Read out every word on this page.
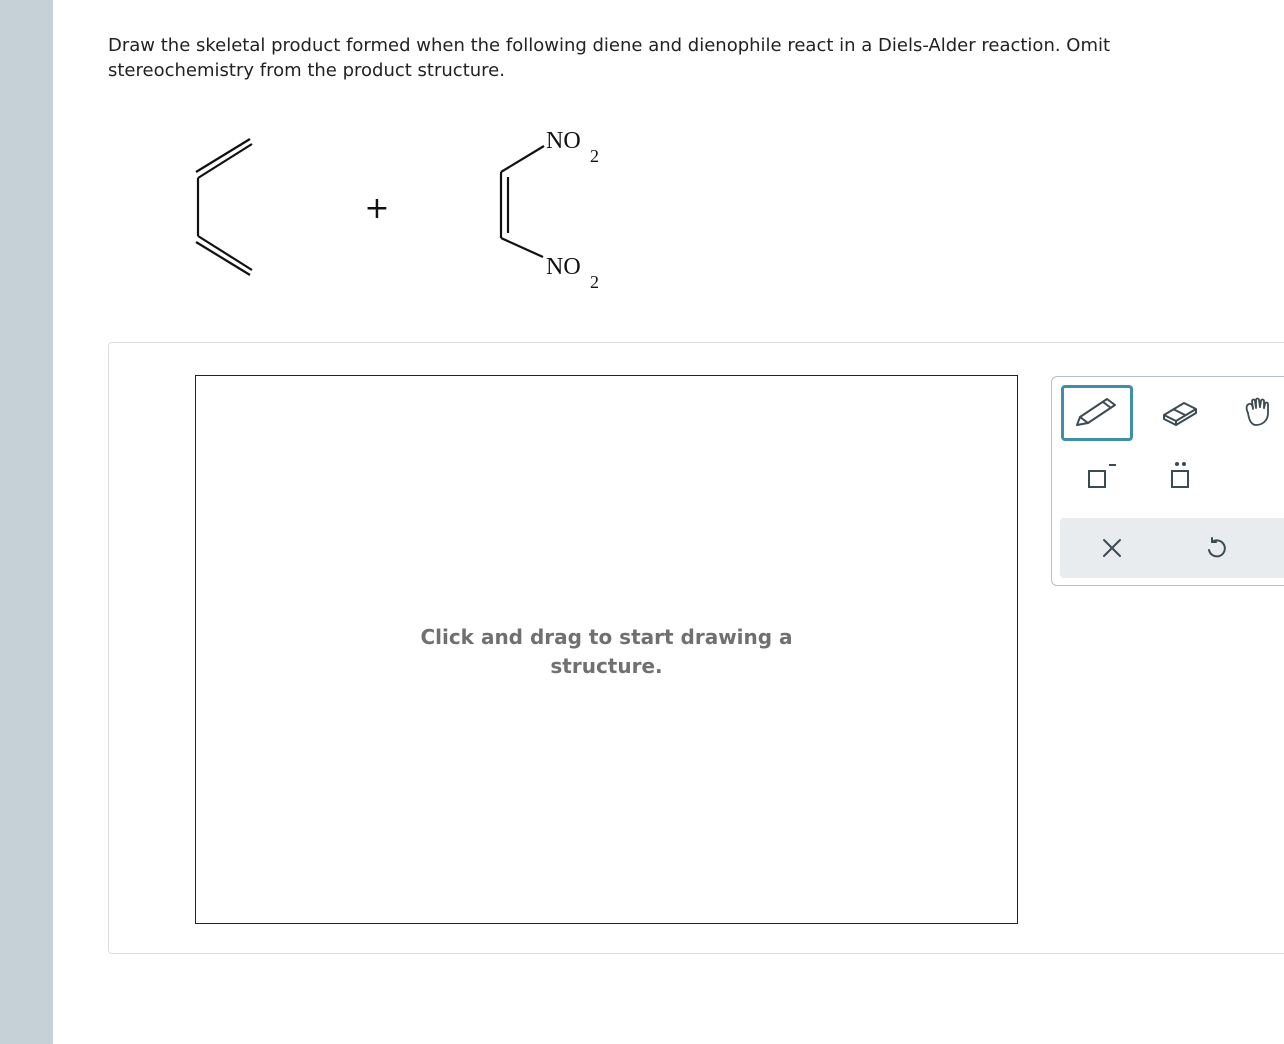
Draw the skeletal product formed when the following diene and dienophile react in a Diels-Alder reaction. Omit stereochemistry from the product structure.

+
NO
2
NO
2
Click and drag to start drawing a structure.
